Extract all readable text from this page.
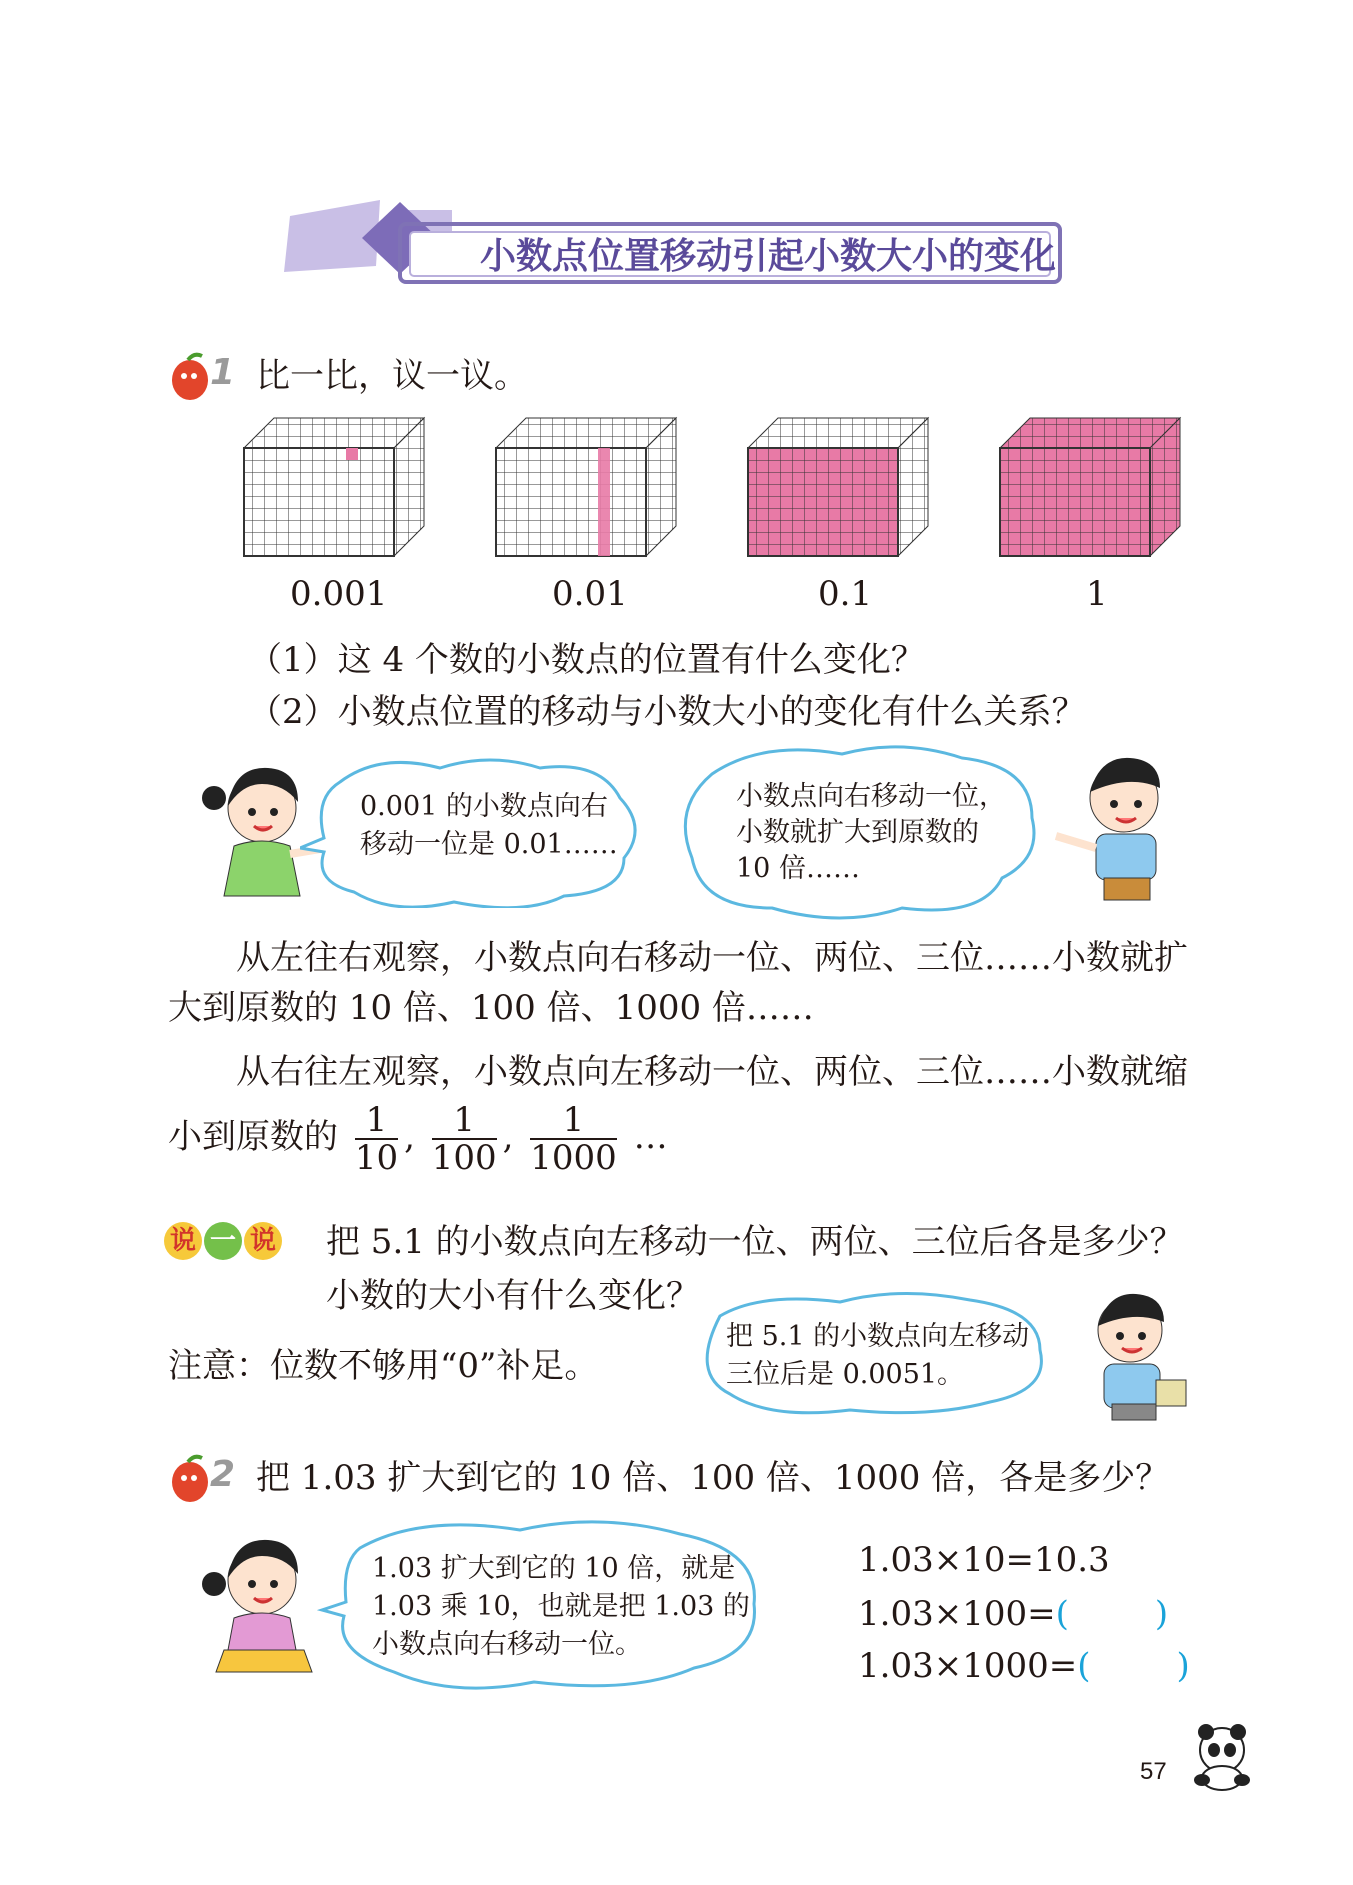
小数点位置移动引起小数大小的变化
1 比一比，议一议。
0.001	0.01	0.1	1
（1）这 4 个数的小数点的位置有什么变化？
（2）小数点位置的移动与小数大小的变化有什么关系？
0.001 的小数点向右
移动一位是 0.01……
小数点向右移动一位，
小数就扩大到原数的
10 倍……
从左往右观察，小数点向右移动一位、两位、三位……小数就扩
大到原数的 10 倍、100 倍、1000 倍……
从右往左观察，小数点向左移动一位、两位、三位……小数就缩
小到原数的 $\frac{1}{10}$ , $\frac{1}{100}$ , $\frac{1}{1000}$ …
说 一 说 把 5.1 的小数点向左移动一位、两位、三位后各是多少？
小数的大小有什么变化？
注意：位数不够用“0”补足。
把 5.1 的小数点向左移动
三位后是 0.0051。
2 把 1.03 扩大到它的 10 倍、100 倍、1000 倍，各是多少？
1.03 扩大到它的 10 倍，就是
1.03 乘 10，也就是把 1.03 的
小数点向右移动一位。
1.03×10=10.3
1.03×100=(	)
1.03×1000=(	)
57
